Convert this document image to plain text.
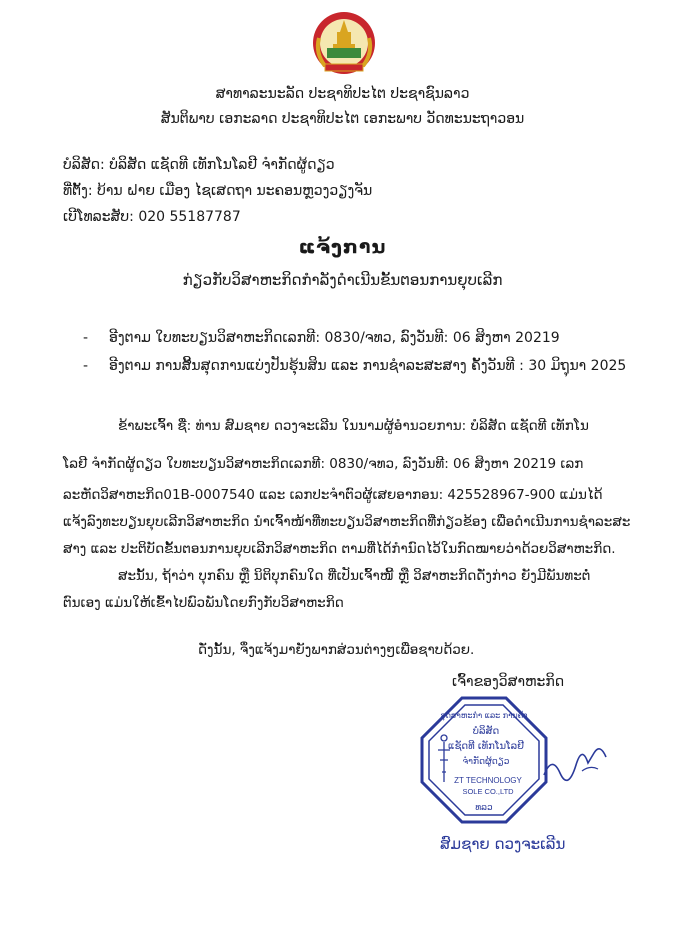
ສາທາລະນະລັດ ປະຊາທິປະໄຕ ປະຊາຊົນລາວ
ສັນຕິພາບ ເອກະລາດ ປະຊາທິປະໄຕ ເອກະພາບ ວັດທະນະຖາວອນ
ບໍລິສັດ: ບໍລິສັດ ແຊັດທີ ເທັກໂນໂລຢີ ຈຳກັດຜູ້ດຽວ
ທີ່ຕັ້ງ: ບ້ານ ຝາຍ ເມືອງ ໄຊເສດຖາ ນະຄອນຫຼວງວຽງຈັນ
ເບີໂທລະສັບ: 020 55187787
ແຈ້ງການ
ກ່ຽວກັບວິສາຫະກິດກຳລັງດຳເນີນຂັ້ນຕອນການຍຸບເລີກ
- ອີງຕາມ ໃບທະບຽນວິສາຫະກິດເລກທີ: 0830/ຈທວ, ລົງວັນທີ: 06 ສິງຫາ 20219
- ອີງຕາມ ການສິ້ນສຸດການແບ່ງປັນຮຸ້ນສິນ ແລະ ການຊຳລະສະສາງ ຄັ້ງວັນທີ : 30 ມິຖຸນາ 2025
ຂ້າພະເຈົ້າ ຊື່: ທ່ານ ສົມຊາຍ ດວງຈະເລີນ ໃນນາມຜູ້ອຳນວຍການ: ບໍລິສັດ ແຊັດທີ ເທັກໂນ
ໂລຢີ ຈຳກັດຜູ້ດຽວ ໃບທະບຽນວິສາຫະກິດເລກທີ: 0830/ຈທວ, ລົງວັນທີ: 06 ສິງຫາ 20219 ເລກ
ລະຫັດວິສາຫະກິດ01B-0007540 ແລະ ເລກປະຈຳຕົວຜູ້ເສຍອາກອນ: 425528967-900 ແມ່ນໄດ້
ແຈ້ງລົງທະບຽນຍຸບເລີກວິສາຫະກິດ ນຳເຈົ້າໜ້າທີ່ທະບຽນວິສາຫະກິດທີ່ກ່ຽວຂ້ອງ ເພື່ອດຳເນີນການຊຳລະສະ
ສາງ ແລະ ປະຕິບັດຂັ້ນຕອນການຍຸບເລີກວິສາຫະກິດ ຕາມທີ່ໄດ້ກຳນົດໄວ້ໃນກົດໝາຍວ່າດ້ວຍວິສາຫະກິດ.
ສະນັ້ນ, ຖ້າວ່າ ບຸກຄົນ ຫຼື ນິຕິບຸກຄົນໃດ ທີ່ເປັນເຈົ້າໜີ້ ຫຼື ວິສາຫະກິດດັ່ງກ່າວ ຍັງມີພັນທະຕໍ່
ຕົນເອງ ແມ່ນໃຫ້ເຂົ້າໄປພົວພັນໂດຍກົງກັບວິສາຫະກິດ
ດັ່ງນັ້ນ, ຈຶ່ງແຈ້ງມາຍັງພາກສ່ວນຕ່າງໆເພື່ອຊາບດ້ວຍ.
ເຈົ້າຂອງວິສາຫະກິດ
ອຸດສາຫະກຳ ແລະ ການຄ້າ
ບໍລິສັດ
ແຊັດທີ ເທັກໂນໂລຢີ
ຈຳກັດຜູ້ດຽວ
ZT TECHNOLOGY
SOLE CO.,LTD
ທລວ
ສົມຊາຍ ດວງຈະເລີນ
